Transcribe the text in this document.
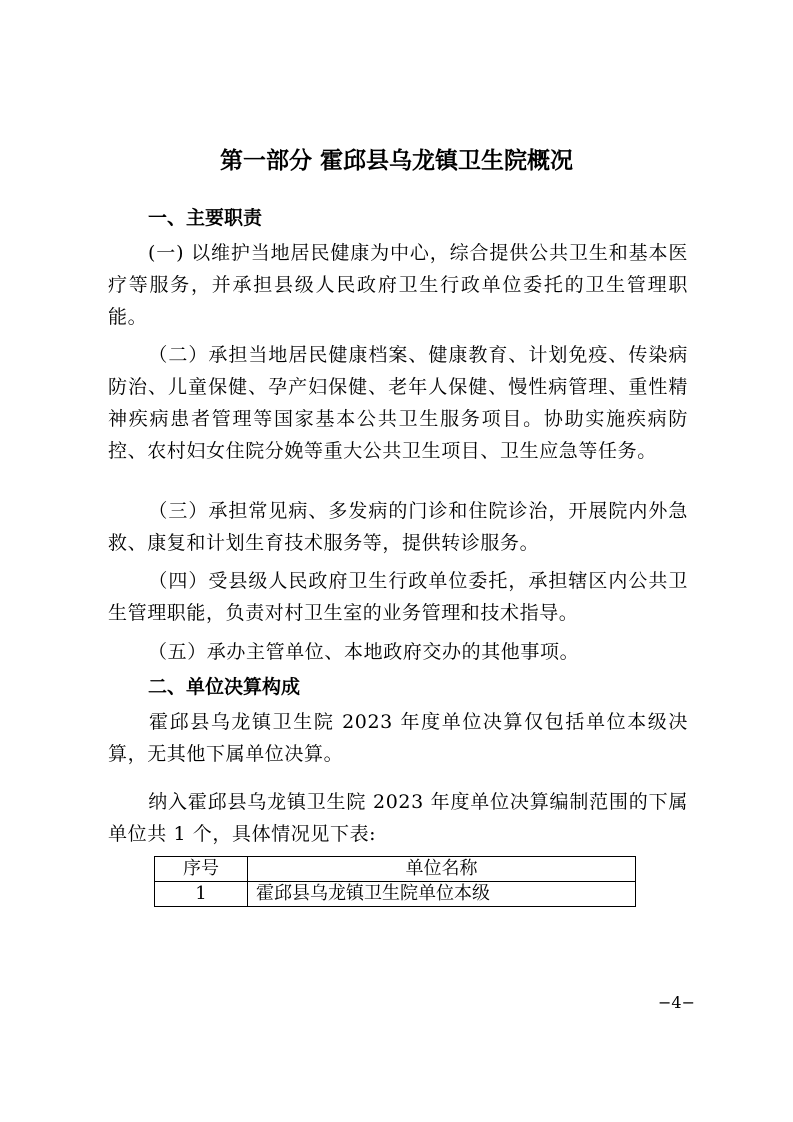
第一部分 霍邱县乌龙镇卫生院概况
一、主要职责

(一) 以维护当地居民健康为中心，综合提供公共卫生和基本医疗等服务，并承担县级人民政府卫生行政单位委托的卫生管理职能。

（二）承担当地居民健康档案、健康教育、计划免疫、传染病防治、儿童保健、孕产妇保健、老年人保健、慢性病管理、重性精神疾病患者管理等国家基本公共卫生服务项目。协助实施疾病防控、农村妇女住院分娩等重大公共卫生项目、卫生应急等任务。

（三）承担常见病、多发病的门诊和住院诊治，开展院内外急救、康复和计划生育技术服务等，提供转诊服务。

（四）受县级人民政府卫生行政单位委托，承担辖区内公共卫生管理职能，负责对村卫生室的业务管理和技术指导。

（五）承办主管单位、本地政府交办的其他事项。

二、单位决算构成

霍邱县乌龙镇卫生院 2023 年度单位决算仅包括单位本级决算，无其他下属单位决算。

纳入霍邱县乌龙镇卫生院 2023 年度单位决算编制范围的下属单位共 1 个，具体情况见下表:

序号	单位名称
1	霍邱县乌龙镇卫生院单位本级
−4−
